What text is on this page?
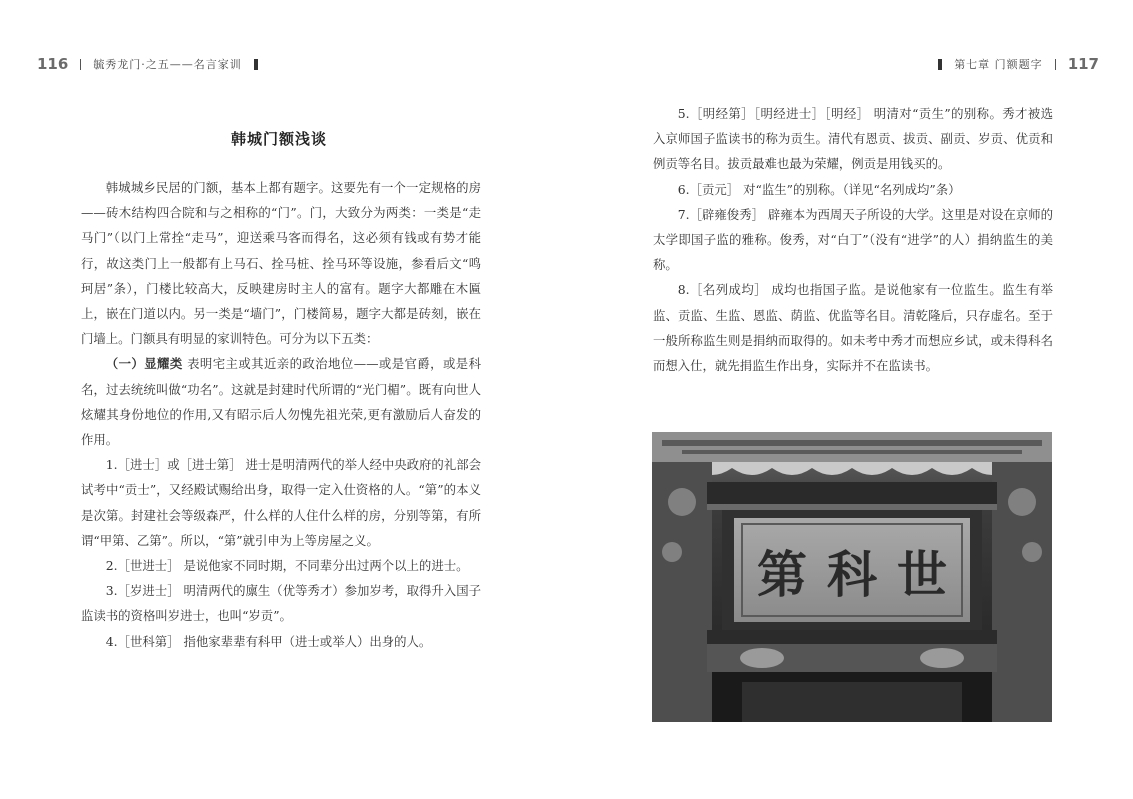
116 毓秀龙门·之五——名言家训
韩城门额浅谈

韩城城乡民居的门额，基本上都有题字。这要先有一个一定规格的房——砖木结构四合院和与之相称的“门”。门，大致分为两类：一类是“走马门”（以门上常拴“走马”，迎送乘马客而得名，这必须有钱或有势才能行，故这类门上一般都有上马石、拴马桩、拴马环等设施，参看后文“鸣珂居”条），门楼比较高大，反映建房时主人的富有。题字大都雕在木匾上，嵌在门道以内。另一类是“墙门”，门楼简易，题字大都是砖刻，嵌在门墙上。门额具有明显的家训特色。可分为以下五类：

（一）显耀类 表明宅主或其近亲的政治地位——或是官爵，或是科名，过去统统叫做“功名”。这就是封建时代所谓的“光门楣”。既有向世人炫耀其身份地位的作用,又有昭示后人勿愧先祖光荣,更有激励后人奋发的作用。

1.［进士］或［进士第］ 进士是明清两代的举人经中央政府的礼部会试考中“贡士”，又经殿试赐给出身，取得一定入仕资格的人。“第”的本义是次第。封建社会等级森严，什么样的人住什么样的房，分别等第，有所谓“甲第、乙第”。所以，“第”就引申为上等房屋之义。

2.［世进士］ 是说他家不同时期，不同辈分出过两个以上的进士。

3.［岁进士］ 明清两代的廪生（优等秀才）参加岁考，取得升入国子监读书的资格叫岁进士，也叫“岁贡”。

4.［世科第］ 指他家辈辈有科甲（进士或举人）出身的人。

第七章 门额题字 117

5.［明经第］［明经进士］［明经］ 明清对“贡生”的别称。秀才被选入京师国子监读书的称为贡生。清代有恩贡、拔贡、副贡、岁贡、优贡和例贡等名目。拔贡最难也最为荣耀，例贡是用钱买的。

6.［贡元］ 对“监生”的别称。（详见“名列成均”条）

7.［辟雍俊秀］ 辟雍本为西周天子所设的大学。这里是对设在京师的太学即国子监的雅称。俊秀，对“白丁”（没有“进学”的人）捐纳监生的美称。

8.［名列成均］ 成均也指国子监。是说他家有一位监生。监生有举监、贡监、生监、恩监、荫监、优监等名目。清乾隆后，只存虚名。至于一般所称监生则是捐纳而取得的。如未考中秀才而想应乡试，或未得科名而想入仕，就先捐监生作出身，实际并不在监读书。

第 科 世
